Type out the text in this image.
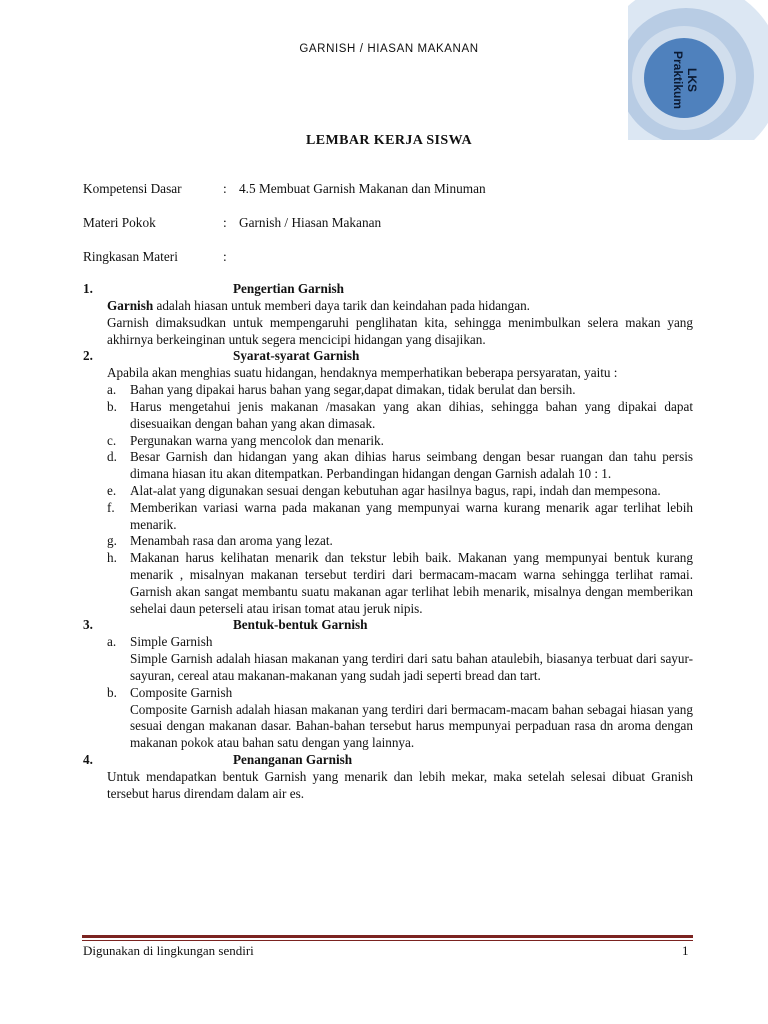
LKS
Praktikum
GARNISH / HIASAN MAKANAN
LEMBAR KERJA SISWA
Kompetensi Dasar	: 4.5 Membuat Garnish Makanan dan Minuman
Materi Pokok	: Garnish / Hiasan Makanan
Ringkasan Materi	:
1.	Pengertian Garnish
Garnish adalah hiasan untuk memberi daya tarik dan keindahan pada hidangan.
Garnish dimaksudkan untuk mempengaruhi penglihatan kita, sehingga menimbulkan selera makan yang akhirnya berkeinginan untuk segera mencicipi hidangan yang disajikan.
2.	Syarat-syarat Garnish
Apabila akan menghias suatu hidangan, hendaknya memperhatikan beberapa persyaratan, yaitu :
a. Bahan yang dipakai harus bahan yang segar,dapat dimakan, tidak berulat dan bersih.
b. Harus mengetahui jenis makanan /masakan yang akan dihias, sehingga bahan yang dipakai dapat disesuaikan dengan bahan yang akan dimasak.
c. Pergunakan warna yang mencolok dan menarik.
d. Besar Garnish dan hidangan yang akan dihias harus seimbang dengan besar ruangan dan tahu persis dimana hiasan itu akan ditempatkan. Perbandingan hidangan dengan Garnish adalah 10 : 1.
e. Alat-alat yang digunakan sesuai dengan kebutuhan agar hasilnya bagus, rapi, indah dan mempesona.
f. Memberikan variasi warna pada makanan yang mempunyai warna kurang menarik agar terlihat lebih menarik.
g. Menambah rasa dan aroma yang lezat.
h. Makanan harus kelihatan menarik dan tekstur lebih baik. Makanan yang mempunyai bentuk kurang menarik , misalnyan makanan tersebut terdiri dari bermacam-macam warna sehingga terlihat ramai. Garnish akan sangat membantu suatu makanan agar terlihat lebih menarik, misalnya dengan memberikan sehelai daun peterseli atau irisan tomat atau jeruk nipis.
3.	Bentuk-bentuk Garnish
a. Simple Garnish
Simple Garnish adalah hiasan makanan yang terdiri dari satu bahan ataulebih, biasanya terbuat dari sayur-sayuran, cereal atau makanan-makanan yang sudah jadi seperti bread dan tart.
b. Composite Garnish
Composite Garnish adalah hiasan makanan yang terdiri dari bermacam-macam bahan sebagai hiasan yang sesuai dengan makanan dasar. Bahan-bahan tersebut harus mempunyai perpaduan rasa dn aroma dengan makanan pokok atau bahan satu dengan yang lainnya.
4.	Penanganan Garnish
Untuk mendapatkan bentuk Garnish yang menarik dan lebih mekar, maka setelah selesai dibuat Granish tersebut harus direndam dalam air es.
Digunakan di lingkungan sendiri	1
